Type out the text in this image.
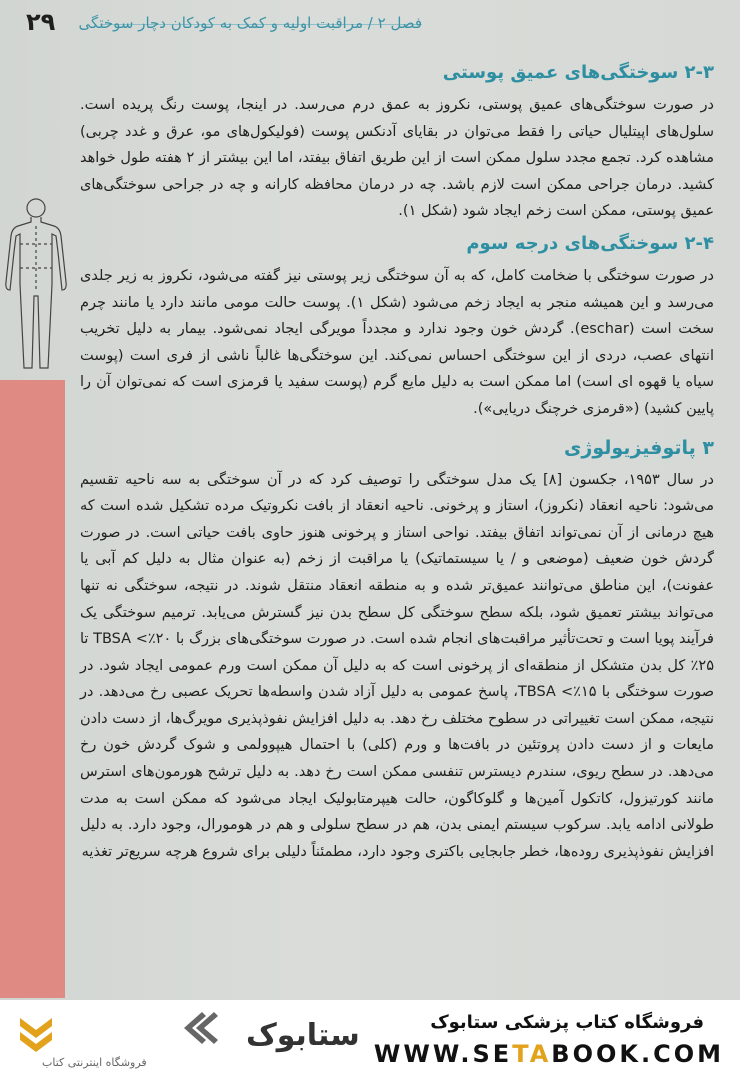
فصل ۲ / مراقبت اولیه و کمک به کودکان دچار سوختگی
۲۹
۲-۳ سوختگی‌های عمیق پوستی

در صورت سوختگی‌های عمیق پوستی، نکروز به عمق درم می‌رسد. در اینجا، پوست رنگ پریده است. سلول‌های اپیتلیال حیاتی را فقط می‌توان در بقایای آدنکس پوست (فولیکول‌های مو، عرق و غدد چربی) مشاهده کرد. تجمع مجدد سلول ممکن است از این طریق اتفاق بیفتد، اما این بیشتر از ۲ هفته طول خواهد کشید. درمان جراحی ممکن است لازم باشد. چه در درمان محافظه کارانه و چه در جراحی سوختگی‌های عمیق پوستی، ممکن است زخم ایجاد شود (شکل ۱).

۲-۴ سوختگی‌های درجه سوم

در صورت سوختگی با ضخامت کامل، که به آن سوختگی زیر پوستی نیز گفته می‌شود، نکروز به زیر جلدی می‌رسد و این همیشه منجر به ایجاد زخم می‌شود (شکل ۱). پوست حالت مومی مانند دارد یا مانند چرم سخت است (eschar). گردش خون وجود ندارد و مجدداً مویرگی ایجاد نمی‌شود. بیمار به دلیل تخریب انتهای عصب، دردی از این سوختگی احساس نمی‌کند. این سوختگی‌ها غالباً ناشی از فری است (پوست سیاه یا قهوه ای است) اما ممکن است به دلیل مایع گرم (پوست سفید یا قرمزی است که نمی‌توان آن را پایین کشید) («قرمزی خرچنگ دریایی»).

۳ پاتوفیزیولوژی

در سال ۱۹۵۳، جکسون [۸] یک مدل سوختگی را توصیف کرد که در آن سوختگی به سه ناحیه تقسیم می‌شود: ناحیه انعقاد (نکروز)، استاز و پرخونی. ناحیه انعقاد از بافت نکروتیک مرده تشکیل شده است که هیچ درمانی از آن نمی‌تواند اتفاق بیفتد. نواحی استاز و پرخونی هنوز حاوی بافت حیاتی است. در صورت گردش خون ضعیف (موضعی و / یا سیستماتیک) یا مراقبت از زخم (به عنوان مثال به دلیل کم آبی یا عفونت)، این مناطق می‌توانند عمیق‌تر شده و به منطقه انعقاد منتقل شوند. در نتیجه، سوختگی نه تنها می‌تواند بیشتر تعمیق شود، بلکه سطح سوختگی کل سطح بدن نیز گسترش می‌یابد. ترمیم سوختگی یک فرآیند پویا است و تحت‌تأثیر مراقبت‌های انجام شده است. در صورت سوختگی‌های بزرگ با ۲۰٪> TBSA تا ۲۵٪ کل بدن متشکل از منطقه‌ای از پرخونی است که به دلیل آن ممکن است ورم عمومی ایجاد شود. در صورت سوختگی با ۱۵٪> TBSA، پاسخ عمومی به دلیل آزاد شدن واسطه‌ها تحریک عصبی رخ می‌دهد. در نتیجه، ممکن است تغییراتی در سطوح مختلف رخ دهد. به دلیل افزایش نفوذپذیری مویرگ‌ها، از دست دادن مایعات و از دست دادن پروتئین در بافت‌ها و ورم (کلی) با احتمال هیپوولمی و شوک گردش خون رخ می‌دهد. در سطح ریوی، سندرم دیسترس تنفسی ممکن است رخ دهد. به دلیل ترشح هورمون‌های استرس مانند کورتیزول، کاتکول آمین‌ها و گلوکاگون، حالت هیپرمتابولیک ایجاد می‌شود که ممکن است به مدت طولانی ادامه یابد. سرکوب سیستم ایمنی بدن، هم در سطح سلولی و هم در هومورال، وجود دارد. به دلیل افزایش نفوذپذیری روده‌ها، خطر جابجایی باکتری وجود دارد، مطمئناً دلیلی برای شروع هرچه سریع‌تر تغذیه

ستابوک
فروشگاه اینترنتی کتاب
فروشگاه کتاب پزشکی ستابوک
WWW.SETABOOK.COM
